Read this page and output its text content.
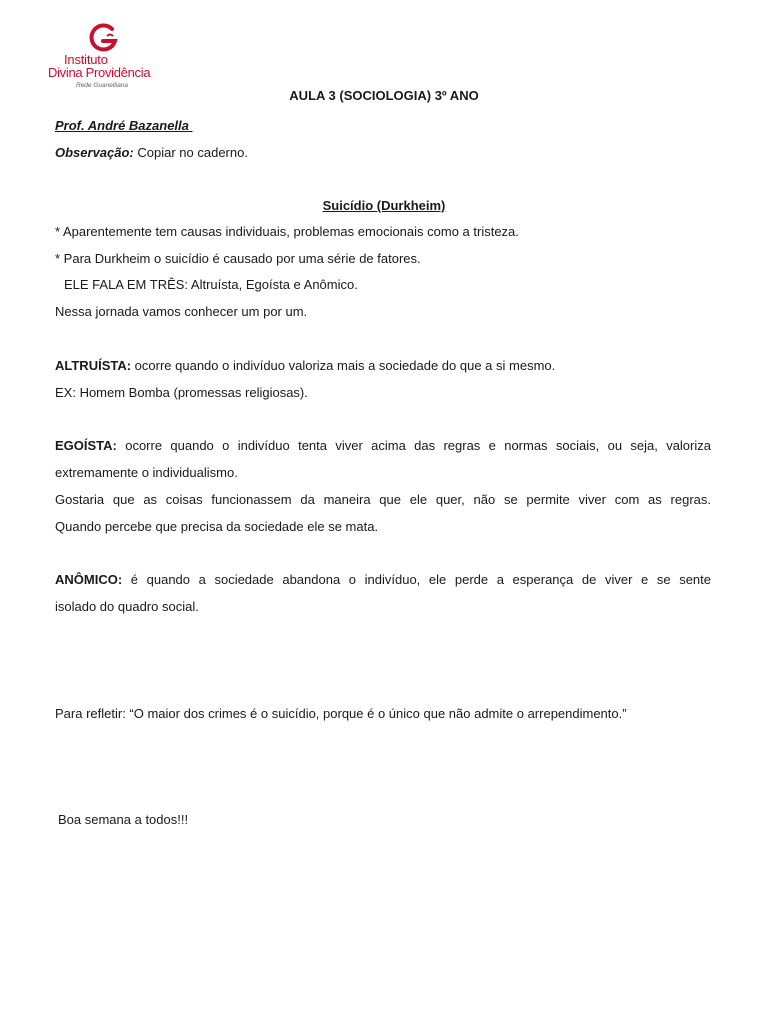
Instituto
Divina Providência
Rede Guanelliana
AULA 3 (SOCIOLOGIA) 3º ANO
Prof. André Bazanella
Observação: Copiar no caderno.
Suicídio (Durkheim)
* Aparentemente tem causas individuais, problemas emocionais como a tristeza.
* Para Durkheim o suicídio é causado por uma série de fatores.
ELE FALA EM TRÊS: Altruísta, Egoísta e Anômico.
Nessa jornada vamos conhecer um por um.
ALTRUÍSTA: ocorre quando o indivíduo valoriza mais a sociedade do que a si mesmo.
EX: Homem Bomba (promessas religiosas).
EGOÍSTA: ocorre quando o indivíduo tenta viver acima das regras e normas sociais, ou seja, valoriza
extremamente o individualismo.
Gostaria que as coisas funcionassem da maneira que ele quer, não se permite viver com as regras.
Quando percebe que precisa da sociedade ele se mata.
ANÔMICO: é quando a sociedade abandona o indivíduo, ele perde a esperança de viver e se sente
isolado do quadro social.
Para refletir: “O maior dos crimes é o suicídio, porque é o único que não admite o arrependimento.”
Boa semana a todos!!!
